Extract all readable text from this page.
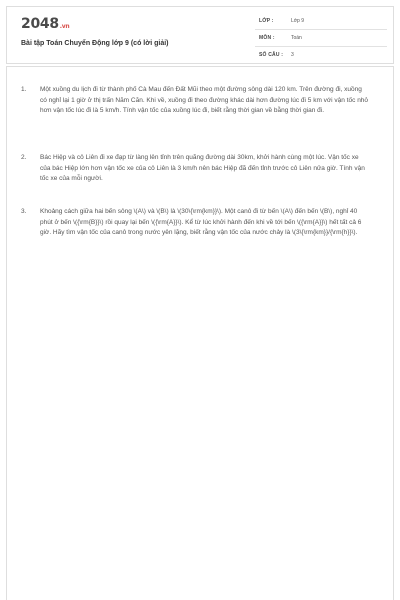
2048.vn
Bài tập Toán Chuyển Động lớp 9 (có lời giải)
LỚP :	Lớp 9
MÔN :	Toán
SỐ CÂU : 3
1. Một xuồng du lịch đi từ thành phố Cà Mau đến Đất Mũi theo một đường sông dài 120 km. Trên đường đi, xuồng có nghỉ lại 1 giờ ở thị trấn Năm Căn. Khi về, xuồng đi theo đường khác dài hơn đường lúc đi 5 km với vận tốc nhỏ hơn vận tốc lúc đi là 5 km/h. Tính vận tốc của xuồng lúc đi, biết rằng thời gian về bằng thời gian đi.
2. Bác Hiệp và cô Liên đi xe đạp từ làng lên tỉnh trên quãng đường dài 30km, khởi hành cùng một lúc. Vận tốc xe của bác Hiệp lớn hơn vận tốc xe của cô Liên là 3 km/h nên bác Hiệp đã đến tỉnh trước cô Liên nửa giờ. Tính vận tốc xe của mỗi người.
3. Khoảng cách giữa hai bến sông \(A\) và \(B\) là \(30\{\rm{km}}\). Một canô đi từ bến \(A\) đến bến \(B\), nghỉ 40 phút ở bến \({\rm{B}}\) rồi quay lại bến \({\rm{A}}\). Kể từ lúc khởi hành đến khi về tới bến \({\rm{A}}\) hết tất cả 6 giờ. Hãy tìm vận tốc của canô trong nước yên lặng, biết rằng vận tốc của nước chảy là \(3\{\rm{km}}/{\rm{h}}\).
